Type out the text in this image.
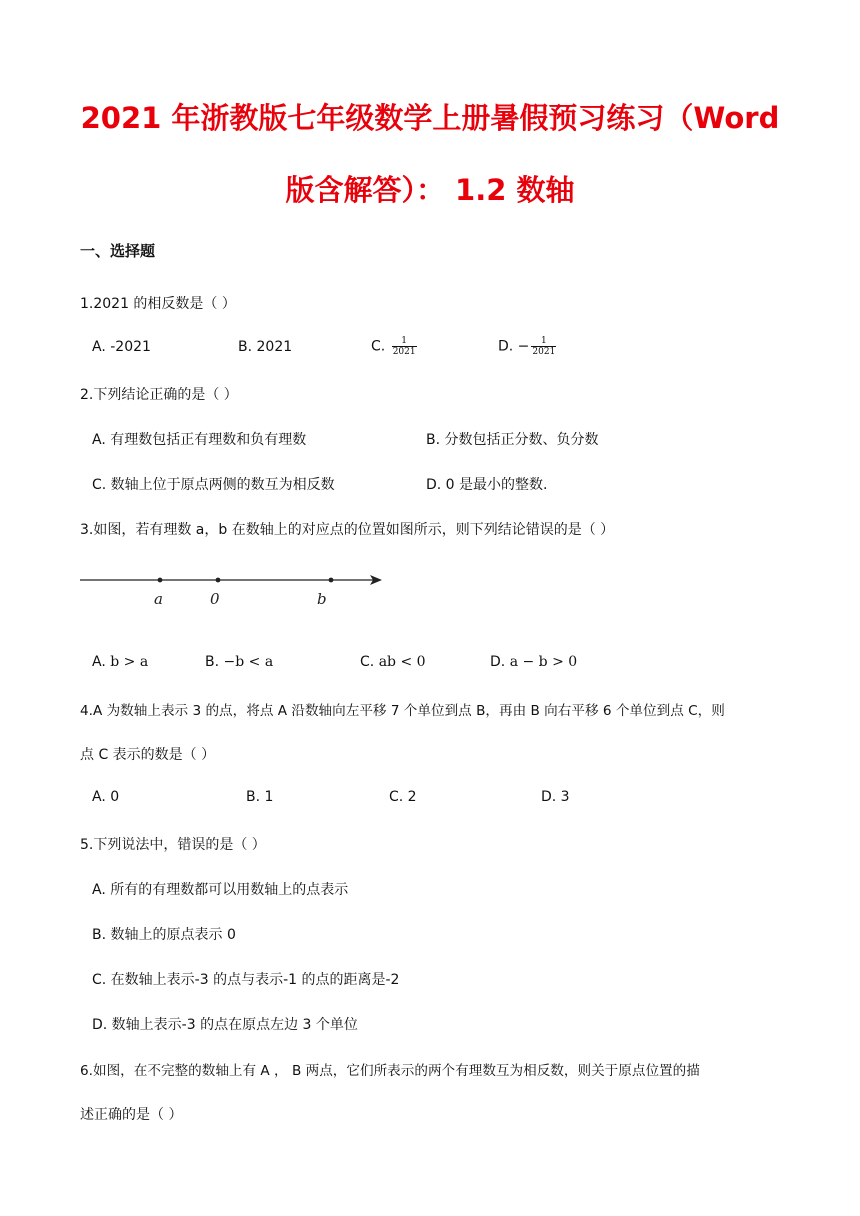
2021 年浙教版七年级数学上册暑假预习练习（Word
版含解答）： 1.2 数轴
一、选择题

1.2021 的相反数是（ ）

A. -2021	B. 2021	C. $\frac{1}{2021}$	D. − $\frac{1}{2021}$

2.下列结论正确的是（ ）

A. 有理数包括正有理数和负有理数	B. 分数包括正分数、负分数
C. 数轴上位于原点两侧的数互为相反数	D. 0 是最小的整数.

3.如图，若有理数 a，b 在数轴上的对应点的位置如图所示，则下列结论错误的是（ ）

a	0	b
A. b > a	B. −b < a	C. ab < 0	D. a − b > 0

4.A 为数轴上表示 3 的点，将点 A 沿数轴向左平移 7 个单位到点 B，再由 B 向右平移 6 个单位到点 C，则

点 C 表示的数是（ ）

A. 0	B. 1	C. 2	D. 3

5.下列说法中，错误的是（ ）

A. 所有的有理数都可以用数轴上的点表示
B. 数轴上的原点表示 0
C. 在数轴上表示-3 的点与表示-1 的点的距离是-2
D. 数轴上表示-3 的点在原点左边 3 个单位

6.如图，在不完整的数轴上有 A ， B 两点，它们所表示的两个有理数互为相反数，则关于原点位置的描

述正确的是（ ）
